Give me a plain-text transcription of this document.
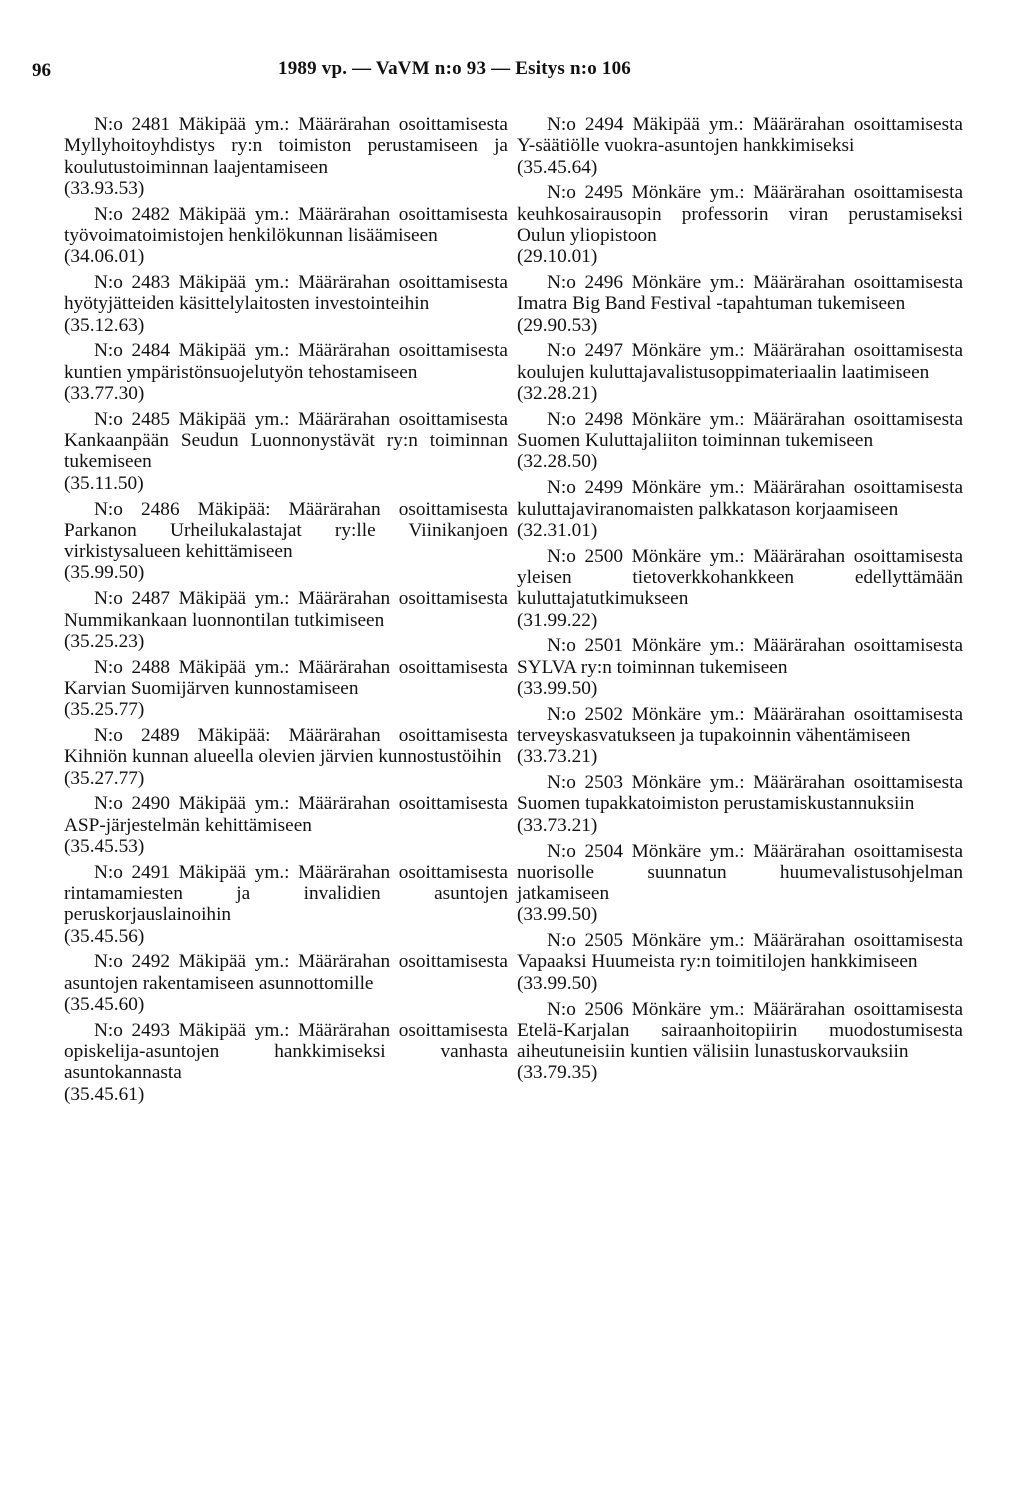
96	1989 vp. — VaVM n:o 93 — Esitys n:o 106

N:o 2481 Mäkipää ym.: Määrärahan osoittamisesta Myllyhoitoyhdistys ry:n toimiston perustamiseen ja koulutustoiminnan laajentamiseen

(33.93.53)

N:o 2482 Mäkipää ym.: Määrärahan osoittamisesta työvoimatoimistojen henkilökunnan lisäämiseen

(34.06.01)

N:o 2483 Mäkipää ym.: Määrärahan osoittamisesta hyötyjätteiden käsittelylaitosten investointeihin

(35.12.63)

N:o 2484 Mäkipää ym.: Määrärahan osoittamisesta kuntien ympäristönsuojelutyön tehostamiseen

(33.77.30)

N:o 2485 Mäkipää ym.: Määrärahan osoittamisesta Kankaanpään Seudun Luonnonystävät ry:n toiminnan tukemiseen

(35.11.50)

N:o 2486 Mäkipää: Määrärahan osoittamisesta Parkanon Urheilukalastajat ry:lle Viinikanjoen virkistysalueen kehittämiseen

(35.99.50)

N:o 2487 Mäkipää ym.: Määrärahan osoittamisesta Nummikankaan luonnontilan tutkimiseen

(35.25.23)

N:o 2488 Mäkipää ym.: Määrärahan osoittamisesta Karvian Suomijärven kunnostamiseen

(35.25.77)

N:o 2489 Mäkipää: Määrärahan osoittamisesta Kihniön kunnan alueella olevien järvien kunnostustöihin

(35.27.77)

N:o 2490 Mäkipää ym.: Määrärahan osoittamisesta ASP-järjestelmän kehittämiseen

(35.45.53)

N:o 2491 Mäkipää ym.: Määrärahan osoittamisesta rintamamiesten ja invalidien asuntojen peruskorjauslainoihin

(35.45.56)

N:o 2492 Mäkipää ym.: Määrärahan osoittamisesta asuntojen rakentamiseen asunnottomille

(35.45.60)

N:o 2493 Mäkipää ym.: Määrärahan osoittamisesta opiskelija-asuntojen hankkimiseksi vanhasta asuntokannasta

(35.45.61)

N:o 2494 Mäkipää ym.: Määrärahan osoittamisesta Y-säätiölle vuokra-asuntojen hankkimiseksi

(35.45.64)

N:o 2495 Mönkäre ym.: Määrärahan osoittamisesta keuhkosairausopin professorin viran perustamiseksi Oulun yliopistoon

(29.10.01)

N:o 2496 Mönkäre ym.: Määrärahan osoittamisesta Imatra Big Band Festival -tapahtuman tukemiseen

(29.90.53)

N:o 2497 Mönkäre ym.: Määrärahan osoittamisesta koulujen kuluttajavalistusoppimateriaalin laatimiseen

(32.28.21)

N:o 2498 Mönkäre ym.: Määrärahan osoittamisesta Suomen Kuluttajaliiton toiminnan tukemiseen

(32.28.50)

N:o 2499 Mönkäre ym.: Määrärahan osoittamisesta kuluttajaviranomaisten palkkatason korjaamiseen

(32.31.01)

N:o 2500 Mönkäre ym.: Määrärahan osoittamisesta yleisen tietoverkkohankkeen edellyttämään kuluttajatutkimukseen

(31.99.22)

N:o 2501 Mönkäre ym.: Määrärahan osoittamisesta SYLVA ry:n toiminnan tukemiseen

(33.99.50)

N:o 2502 Mönkäre ym.: Määrärahan osoittamisesta terveyskasvatukseen ja tupakoinnin vähentämiseen

(33.73.21)

N:o 2503 Mönkäre ym.: Määrärahan osoittamisesta Suomen tupakkatoimiston perustamiskustannuksiin

(33.73.21)

N:o 2504 Mönkäre ym.: Määrärahan osoittamisesta nuorisolle suunnatun huumevalistusohjelman jatkamiseen

(33.99.50)

N:o 2505 Mönkäre ym.: Määrärahan osoittamisesta Vapaaksi Huumeista ry:n toimitilojen hankkimiseen

(33.99.50)

N:o 2506 Mönkäre ym.: Määrärahan osoittamisesta Etelä-Karjalan sairaanhoitopiirin muodostumisesta aiheutuneisiin kuntien välisiin lunastuskorvauksiin

(33.79.35)
